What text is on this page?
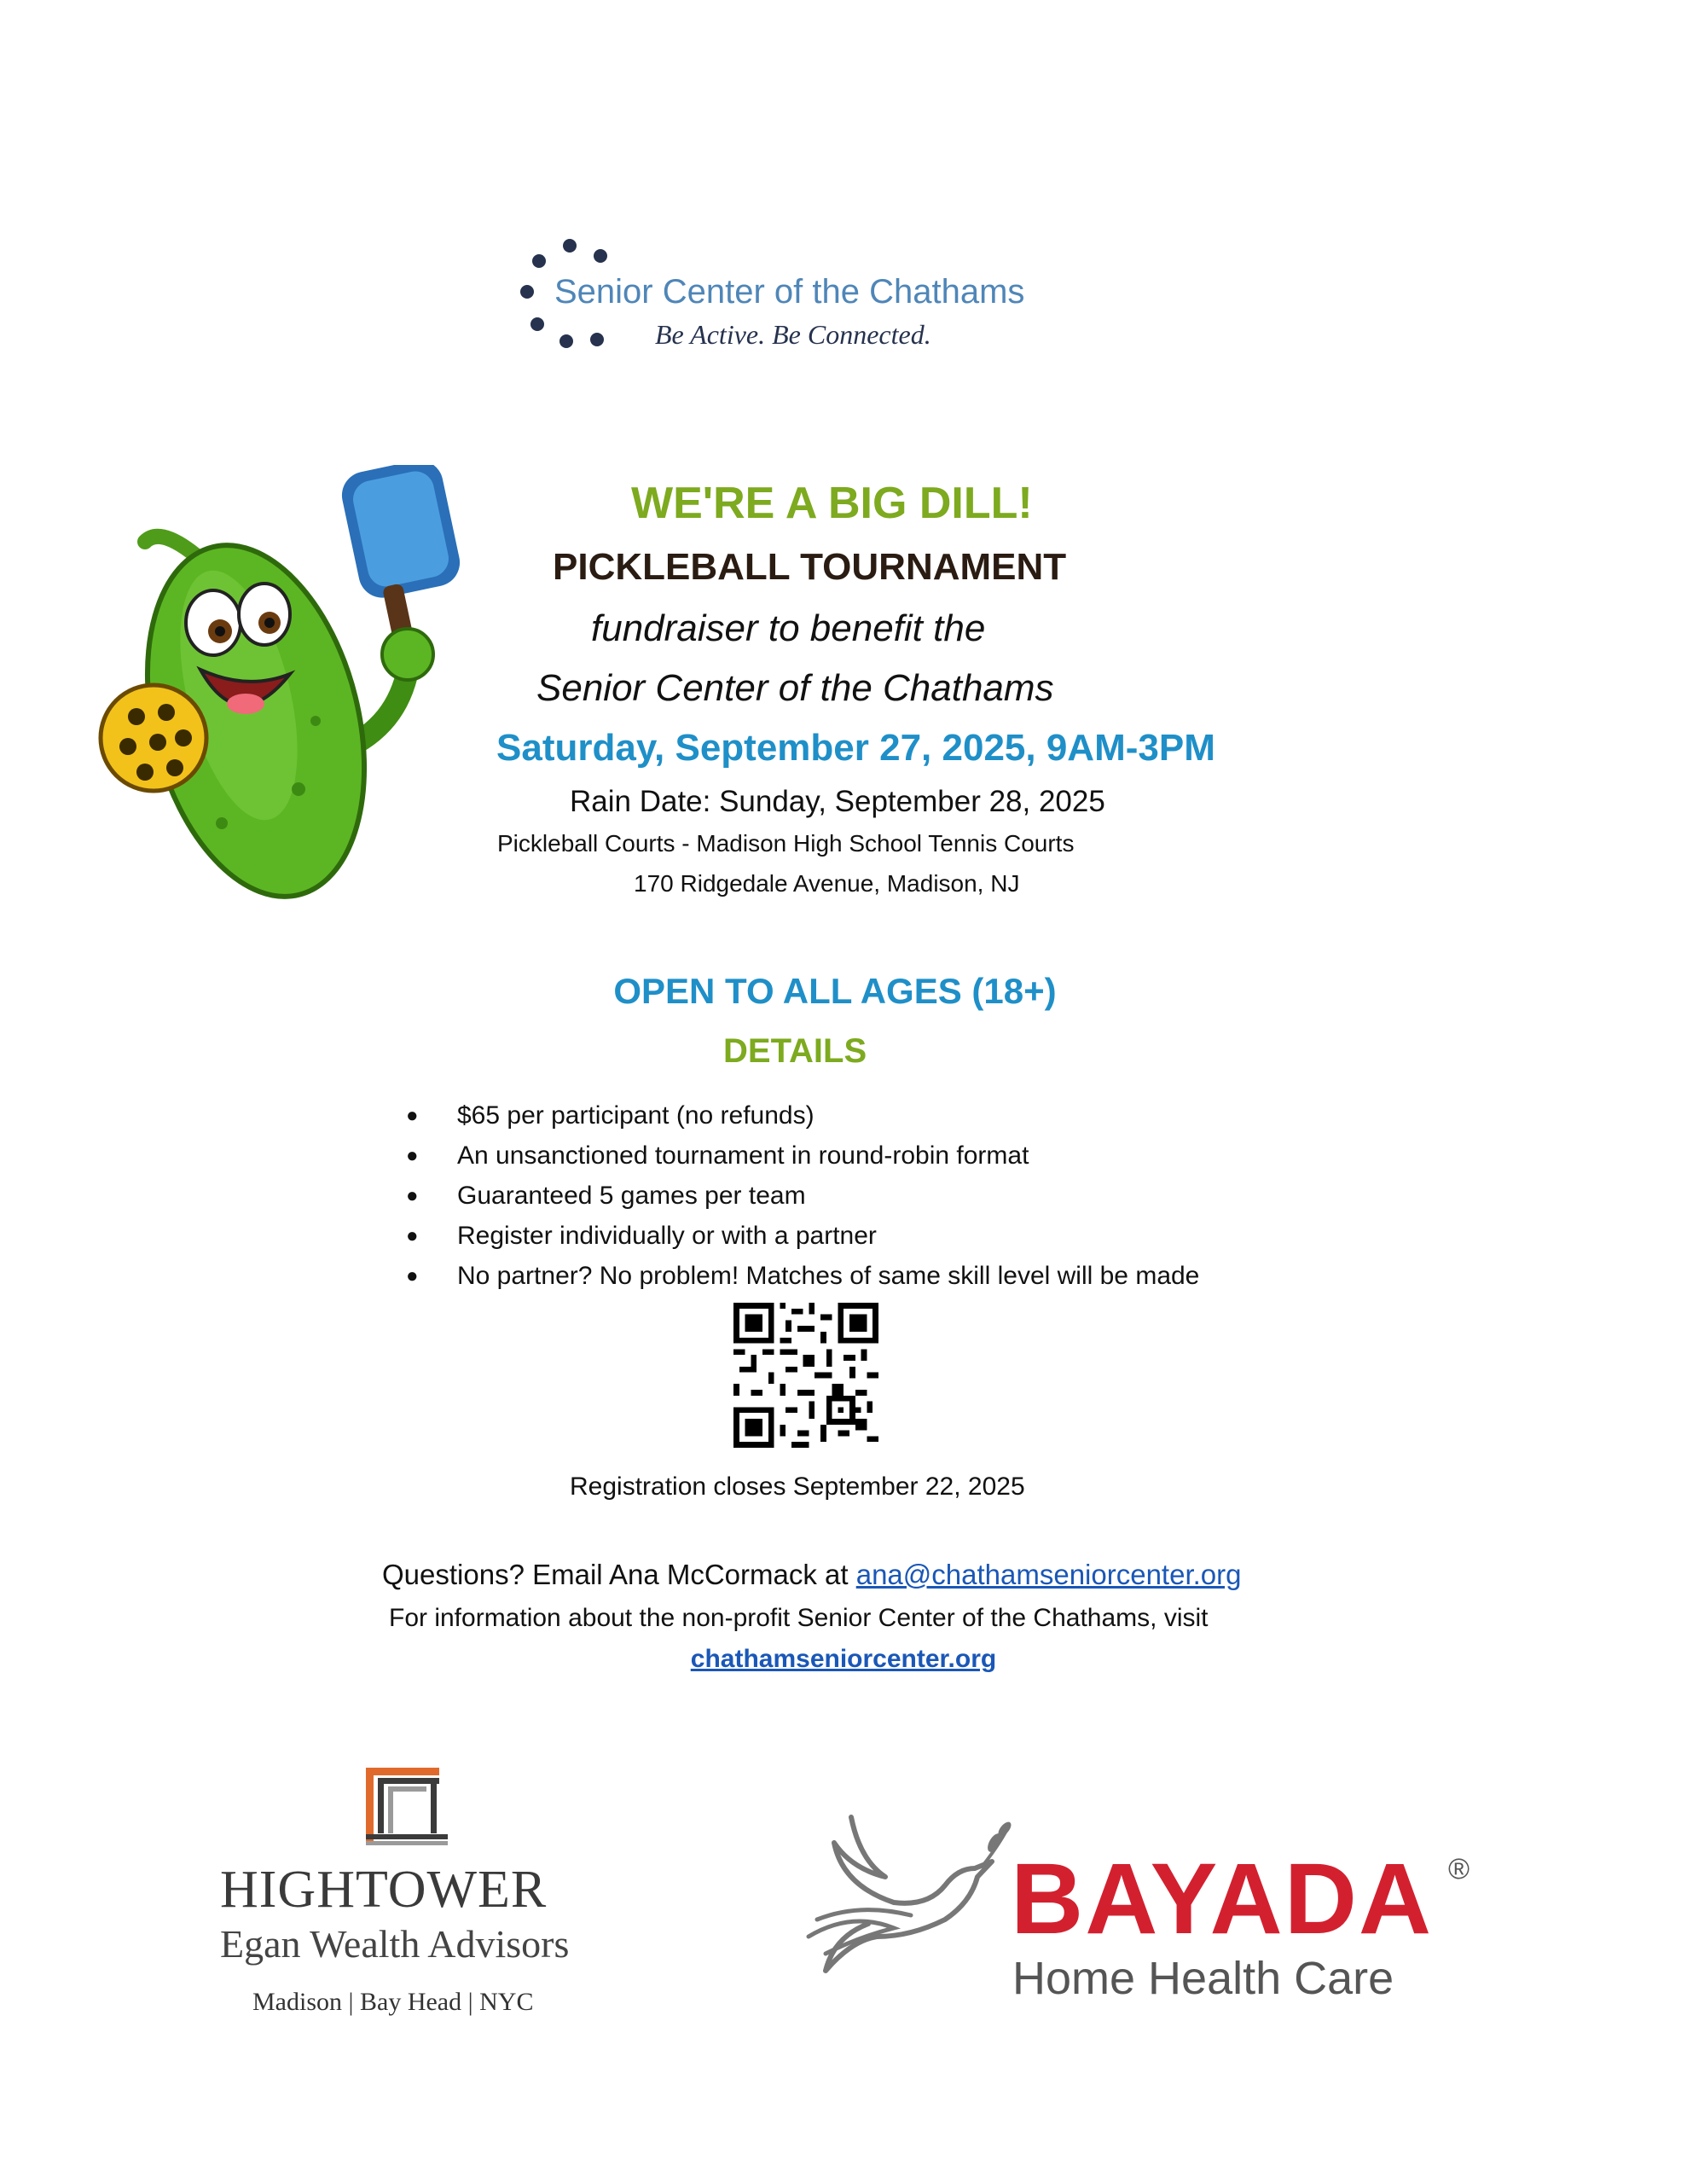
Senior Center of the Chathams
Be Active. Be Connected.
WE'RE A BIG DILL!
PICKLEBALL TOURNAMENT
fundraiser to benefit the
Senior Center of the Chathams
Saturday, September 27, 2025, 9AM-3PM
Rain Date: Sunday, September 28, 2025
Pickleball Courts - Madison High School Tennis Courts
170 Ridgedale Avenue, Madison, NJ
OPEN TO ALL AGES (18+)
DETAILS
● $65 per participant (no refunds)
● An unsanctioned tournament in round-robin format
● Guaranteed 5 games per team
● Register individually or with a partner
● No partner? No problem! Matches of same skill level will be made
Registration closes September 22, 2025
Questions? Email Ana McCormack at ana@chathamseniorcenter.org
For information about the non-profit Senior Center of the Chathams, visit
chathamseniorcenter.org
HIGHTOWER
Egan Wealth Advisors
Madison | Bay Head | NYC
BAYADA ®
Home Health Care
